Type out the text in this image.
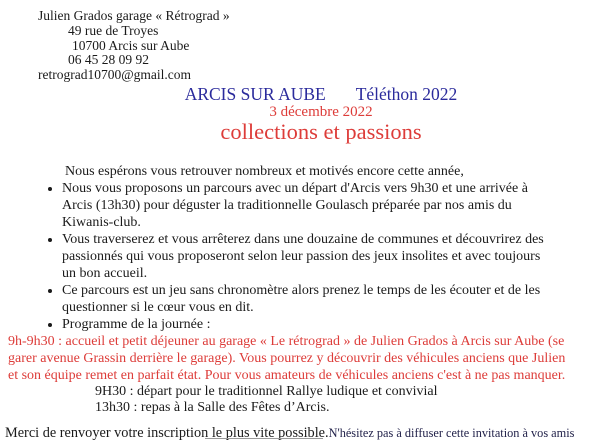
Julien Grados garage « Rétrograd »
49 rue de Troyes
10700 Arcis sur Aube
06 45 28 09 92
retrograd10700@gmail.com
ARCIS SUR AUBE Téléthon 2022
3 décembre 2022
collections et passions
Nous espérons vous retrouver nombreux et motivés encore cette année,
• Nous vous proposons un parcours avec un départ d'Arcis vers 9h30 et une arrivée à
Arcis (13h30) pour déguster la traditionnelle Goulasch préparée par nos amis du
Kiwanis-club.
• Vous traverserez et vous arrêterez dans une douzaine de communes et découvrirez des
passionnés qui vous proposeront selon leur passion des jeux insolites et avec toujours
un bon accueil.
• Ce parcours est un jeu sans chronomètre alors prenez le temps de les écouter et de les
questionner si le cœur vous en dit.
• Programme de la journée :
9h-9h30 : accueil et petit déjeuner au garage « Le rétrograd » de Julien Grados à Arcis sur Aube (se
garer avenue Grassin derrière le garage). Vous pourrez y découvrir des véhicules anciens que Julien
et son équipe remet en parfait état. Pour vous amateurs de véhicules anciens c'est à ne pas manquer.
9H30 : départ pour le traditionnel Rallye ludique et convivial
13h30 : repas à la Salle des Fêtes d’Arcis.
Merci de renvoyer votre inscription le plus vite possible.N'hésitez pas à diffuser cette invitation à vos amis
